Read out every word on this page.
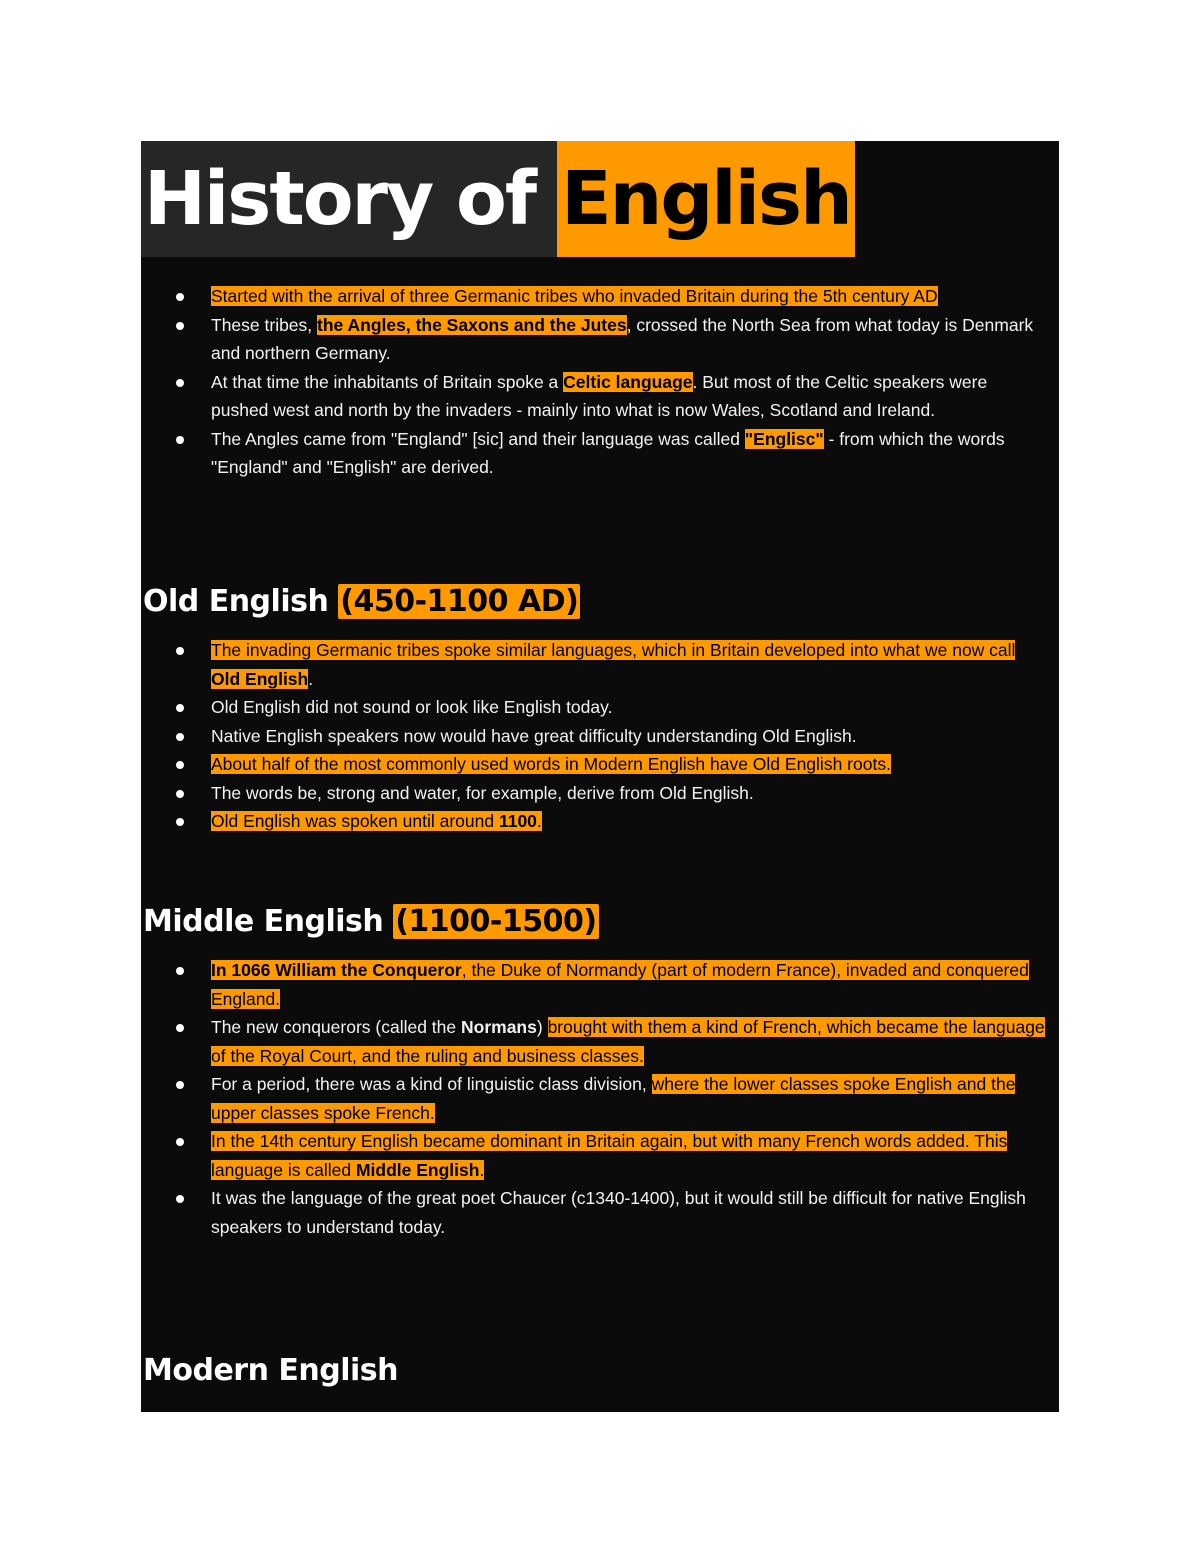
History of English
Started with the arrival of three Germanic tribes who invaded Britain during the 5th century AD
These tribes, the Angles, the Saxons and the Jutes, crossed the North Sea from what today is Denmark and northern Germany.
At that time the inhabitants of Britain spoke a Celtic language. But most of the Celtic speakers were pushed west and north by the invaders - mainly into what is now Wales, Scotland and Ireland.
The Angles came from "England" [sic] and their language was called "Englisc" - from which the words "England" and "English" are derived.
Old English (450-1100 AD)
The invading Germanic tribes spoke similar languages, which in Britain developed into what we now call Old English.
Old English did not sound or look like English today.
Native English speakers now would have great difficulty understanding Old English.
About half of the most commonly used words in Modern English have Old English roots.
The words be, strong and water, for example, derive from Old English.
Old English was spoken until around 1100.
Middle English (1100-1500)
In 1066 William the Conqueror, the Duke of Normandy (part of modern France), invaded and conquered England.
The new conquerors (called the Normans) brought with them a kind of French, which became the language of the Royal Court, and the ruling and business classes.
For a period, there was a kind of linguistic class division, where the lower classes spoke English and the upper classes spoke French.
In the 14th century English became dominant in Britain again, but with many French words added. This language is called Middle English.
It was the language of the great poet Chaucer (c1340-1400), but it would still be difficult for native English speakers to understand today.
Modern English
